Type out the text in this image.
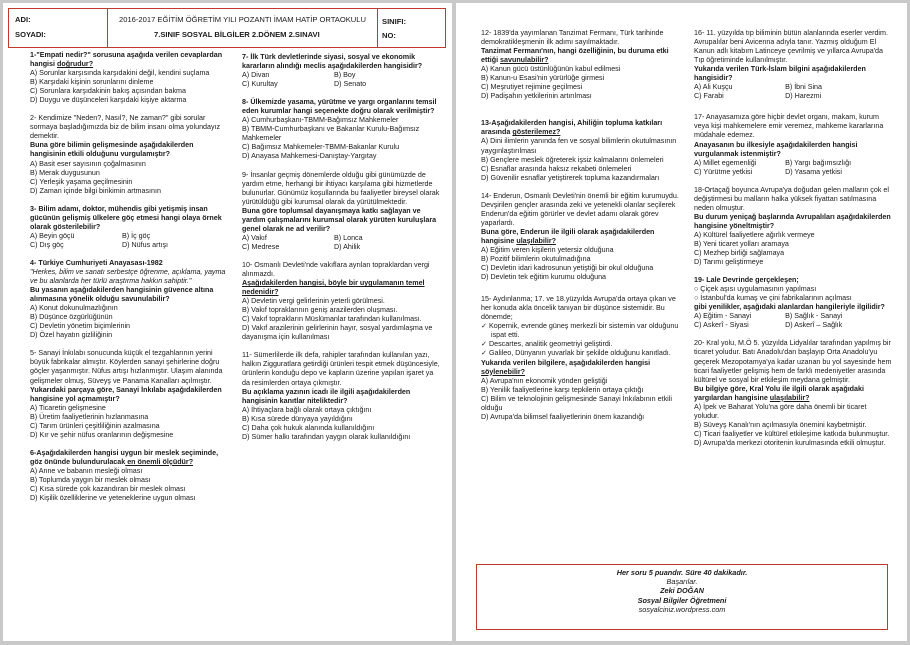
ADI:
SOYADI:
2016-2017 EĞİTİM ÖĞRETİM YILI POZANTI İMAM HATİP ORTAOKULU
7.SINIF SOSYAL BİLGİLER 2.DÖNEM 2.SINAVI
SINIFI:
NO:
1-"Empati nedir?" sorusuna aşağıda verilen cevaplardan hangisi doğrudur?
A) Sorunlar karşısında karşıdakini değil, kendini suçlama
B) Karşıdaki kişinin sorunlarını dinleme
C) Sorunlara karşıdakinin bakış açısından bakma
D) Duygu ve düşünceleri karşıdaki kişiye aktarma
2- Kendimize "Neden?, Nasıl?, Ne zaman?" gibi sorular sormaya başladığımızda biz de bilim insanı olma yolundayız demektir.
Buna göre bilimin gelişmesinde aşağıdakilerden hangisinin etkili olduğunu vurgulamıştır?
A) Basit eser sayısının çoğalmasının
B) Merak duygusunun
C) Yerleşik yaşama geçilmesinin
D) Zaman içinde bilgi birikimin artmasının
3- Bilim adamı, doktor, mühendis gibi yetişmiş insan gücünün gelişmiş ülkelere göç etmesi hangi olaya örnek olarak gösterilebilir?
A) Beyin göçü	B) İç göç
C) Dış göç	D) Nüfus artışı
4- Türkiye Cumhuriyeti Anayasası-1982
"Herkes, bilim ve sanatı serbestçe öğrenme, açıklama, yayma ve bu alanlarda her türlü araştırma hakkın sahiptir."
Bu yasanın aşağıdakilerden hangisinin güvence altına alınmasına yönelik olduğu savunulabilir?
A) Konut dokunulmazlığının
B) Düşünce özgürlüğünün
C) Devletin yönetim biçimlerinin
D) Özel hayatın gizliliğinin
5- Sanayi İnkılabı sonucunda küçük el tezgahlarının yerini büyük fabrikalar almıştır. Köylerden sanayi şehirlerine doğru göçler yaşanmıştır. Nüfus artışı hızlanmıştır. Ulaşım alanında gelişmeler olmuş, Süveyş ve Panama Kanalları açılmıştır.
Yukarıdaki parçaya göre, Sanayi İnkılabı aşağıdakilerden hangisine yol açmamıştır?
A) Ticaretin gelişmesine
B) Üretim faaliyetlerinin hızlanmasına
C) Tarım ürünleri çeşitliliğinin azalmasına
D) Kır ve şehir nüfus oranlarının değişmesine
6-Aşağıdakilerden hangisi uygun bir meslek seçiminde, göz önünde bulundurulacak en önemli ölçüdür?
A) Anne ve babanın mesleği olması
B) Toplumda yaygın bir meslek olması
C) Kısa sürede çok kazandıran bir meslek olması
D) Kişilik özelliklerine ve yeteneklerine uygun olması
7- İlk Türk devletlerinde siyasi, sosyal ve ekonomik kararların alındığı meclis aşağıdakilerden hangisidir?
A) Divan	B) Boy
C) Kurultay	D) Senato
8- Ülkemizde yasama, yürütme ve yargı organlarını temsil eden kurumlar hangi seçenekte doğru olarak verilmiştir?
A) Cumhurbaşkanı-TBMM-Bağımsız Mahkemeler
B) TBMM-Cumhurbaşkanı ve Bakanlar Kurulu-Bağımsız Mahkemeler
C) Bağımsız Mahkemeler-TBMM-Bakanlar Kurulu
D) Anayasa Mahkemesi-Danıştay-Yargıtay
9- İnsanlar geçmiş dönemlerde olduğu gibi günümüzde de yardım etme, herhangi bir ihtiyacı karşılama gibi hizmetlerde bulunurlar. Günümüz koşullarında bu faaliyetler bireysel olarak yürütüldüğü gibi kurumsal olarak da yürütülmektedir.
Buna göre toplumsal dayanışmaya katkı sağlayan ve yardım çalışmalarını kurumsal olarak yürüten kuruluşlara genel olarak ne ad verilir?
A) Vakıf	B) Lonca
C) Medrese	D) Ahilik
10- Osmanlı Devleti'nde vakıflara ayrılan topraklardan vergi alınmazdı.
Aşağıdakilerden hangisi, böyle bir uygulamanın temel nedenidir?
A) Devletin vergi gelirlerinin yeterli görülmesi.
B) Vakıf topraklarının geniş arazilerden oluşması.
C) Vakıf toprakların Müslümanlar tarafından kullanılması.
D) Vakıf arazilerinin gelirlerinin hayır, sosyal yardımlaşma ve dayanışma için kullanılması
11- Sümerlilerde ilk defa, rahipler tarafından kullanılan yazı, halkın Zigguratlara getirdiği ürünleri tespit etmek düşüncesiyle, ürünlerin konduğu depo ve kapların üzerine yapılan işaret ya da resimlerden ortaya çıkmıştır.
Bu açıklama yazının icadı ile ilgili aşağıdakilerden hangisinin kanıtlar niteliktedir?
A) İhtiyaçlara bağlı olarak ortaya çıktığını
B) Kısa sürede dünyaya yayıldığını
C) Daha çok hukuk alanında kullanıldığını
D) Sümer halkı tarafından yaygın olarak kullanıldığını
12- 1839'da yayımlanan Tanzimat Fermanı, Türk tarihinde demokratikleşmenin ilk adımı sayılmaktadır.
Tanzimat Fermanı'nın, hangi özelliğinin, bu duruma etki ettiği savunulabilir?
A) Kanun gücü üstünlüğünün kabul edilmesi
B) Kanun-u Esasi'nin yürürlüğe girmesi
C) Meşrutiyet rejimine geçilmesi
D) Padişahın yetkilerinin artırılması
13-Aşağıdakilerden hangisi, Ahiliğin topluma katkıları arasında gösterilemez?
A) Dini ilimlerin yanında fen ve sosyal bilimlerin okutulmasının yaygınlaştırılması
B) Gençlere meslek öğreterek işsiz kalmalarını önlemeleri
C) Esnaflar arasında haksız rekabeti önlemeleri
D) Güvenilir esnaflar yetiştirerek topluma kazandırmaları
14- Enderun, Osmanlı Devleti'nin önemli bir eğitim kurumuydu. Devşirilen gençler arasında zeki ve yetenekli olanlar seçilerek Enderun'da eğitim görürler ve devlet adamı olarak görev yaparlardı.
Buna göre, Enderun ile ilgili olarak aşağıdakilerden hangisine ulaşılabilir?
A) Eğitim veren kişilerin yetersiz olduğuna
B) Pozitif bilimlerin okutulmadığına
C) Devletin idari kadrosunun yetiştiği bir okul olduğuna
D) Devletin tek eğitim kurumu olduğuna
15- Aydınlanma; 17. ve 18.yüzyılda Avrupa'da ortaya çıkan ve her konuda akla öncelik tanıyan bir düşünce sistemidir. Bu dönemde;
✓ Kopernik, evrende güneş merkezli bir sistemin var olduğunu ispat etti.
✓ Descartes, analitik geometriyi geliştirdi.
✓ Galileo, Dünyanın yuvarlak bir şekilde olduğunu kanıtladı.
Yukarıda verilen bilgilere, aşağıdakilerden hangisi söylenebilir?
A) Avrupa'nın ekonomik yönden geliştiği
B) Yenilik faaliyetlerine karşı tepkilerin ortaya çıktığı
C) Bilim ve teknolojinin gelişmesinde Sanayi İnkılabının etkili olduğu
D) Avrupa'da bilimsel faaliyetlerinin önem kazandığı
16- 11. yüzyılda tıp biliminin bütün alanlarında eserler verdim. Avrupalılar beni Avicenna adıyla tanır. Yazmış olduğum El Kanun adlı kitabım Latinceye çevrilmiş ve yıllarca Avrupa'da Tıp öğretiminde kullanılmıştır.
Yukarıda verilen Türk-İslam bilgini aşağıdakilerden hangisidir?
A) Ali Kuşçu	B) İbni Sina
C) Farabi	D) Harezmi
17- Anayasamıza göre hiçbir devlet organı, makam, kurum veya kişi mahkemelere emir veremez, mahkeme kararlarına müdahale edemez.
Anayasanın bu ilkesiyle aşağıdakilerden hangisi vurgulanmak istenmiştir?
A) Millet egemenliği	B) Yargı bağımsızlığı
C) Yürütme yetkisi	D) Yasama yetkisi
18-Ortaçağ boyunca Avrupa'ya doğudan gelen malların çok el değiştirmesi bu malların halka yüksek fiyattan satılmasına neden olmuştur.
Bu durum yeniçağ başlarında Avrupalıları aşağıdakilerden hangisine yöneltmiştir?
A) Kültürel faaliyetlere ağırlık vermeye
B) Yeni ticaret yolları aramaya
C) Mezhep birliği sağlamaya
D) Tarımı geliştirmeye
19- Lale Devrinde gerçekleşen;
○ Çiçek aşısı uygulamasının yapılması
○ İstanbul'da kumaş ve çini fabrikalarının açılması
gibi yenilikler, aşağıdaki alanlardan hangileriyle ilgilidir?
A) Eğitim - Sanayi	B) Sağlık - Sanayi
C) Askerî - Siyasi	D) Askerî – Sağlık
20- Kral yolu, M.Ö 5. yüzyılda Lidyalılar tarafından yapılmış bir ticaret yoludur. Batı Anadolu'dan başlayıp Orta Anadolu'yu geçerek Mezopotamya'ya kadar uzanan bu yol sayesinde hem ticari faaliyetler gelişmiş hem de farklı medeniyetler arasında kültürel ve sosyal bir etkileşim meydana gelmiştir.
Bu bilgiye göre, Kral Yolu ile ilgili olarak aşağıdaki yargılardan hangisine ulaşılabilir?
A) İpek ve Baharat Yolu'na göre daha önemli bir ticaret yoludur.
B) Süveyş Kanalı'nın açılmasıyla önemini kaybetmiştir.
C) Ticari faaliyetler ve kültürel etkileşime katkıda bulunmuştur.
D) Avrupa'da merkezi otoritenin kurulmasında etkili olmuştur.
Her soru 5 puandır. Süre 40 dakikadır.
Başarılar.
Zeki DOĞAN
Sosyal Bilgiler Öğretmeni
sosyalciniz.wordpress.com
